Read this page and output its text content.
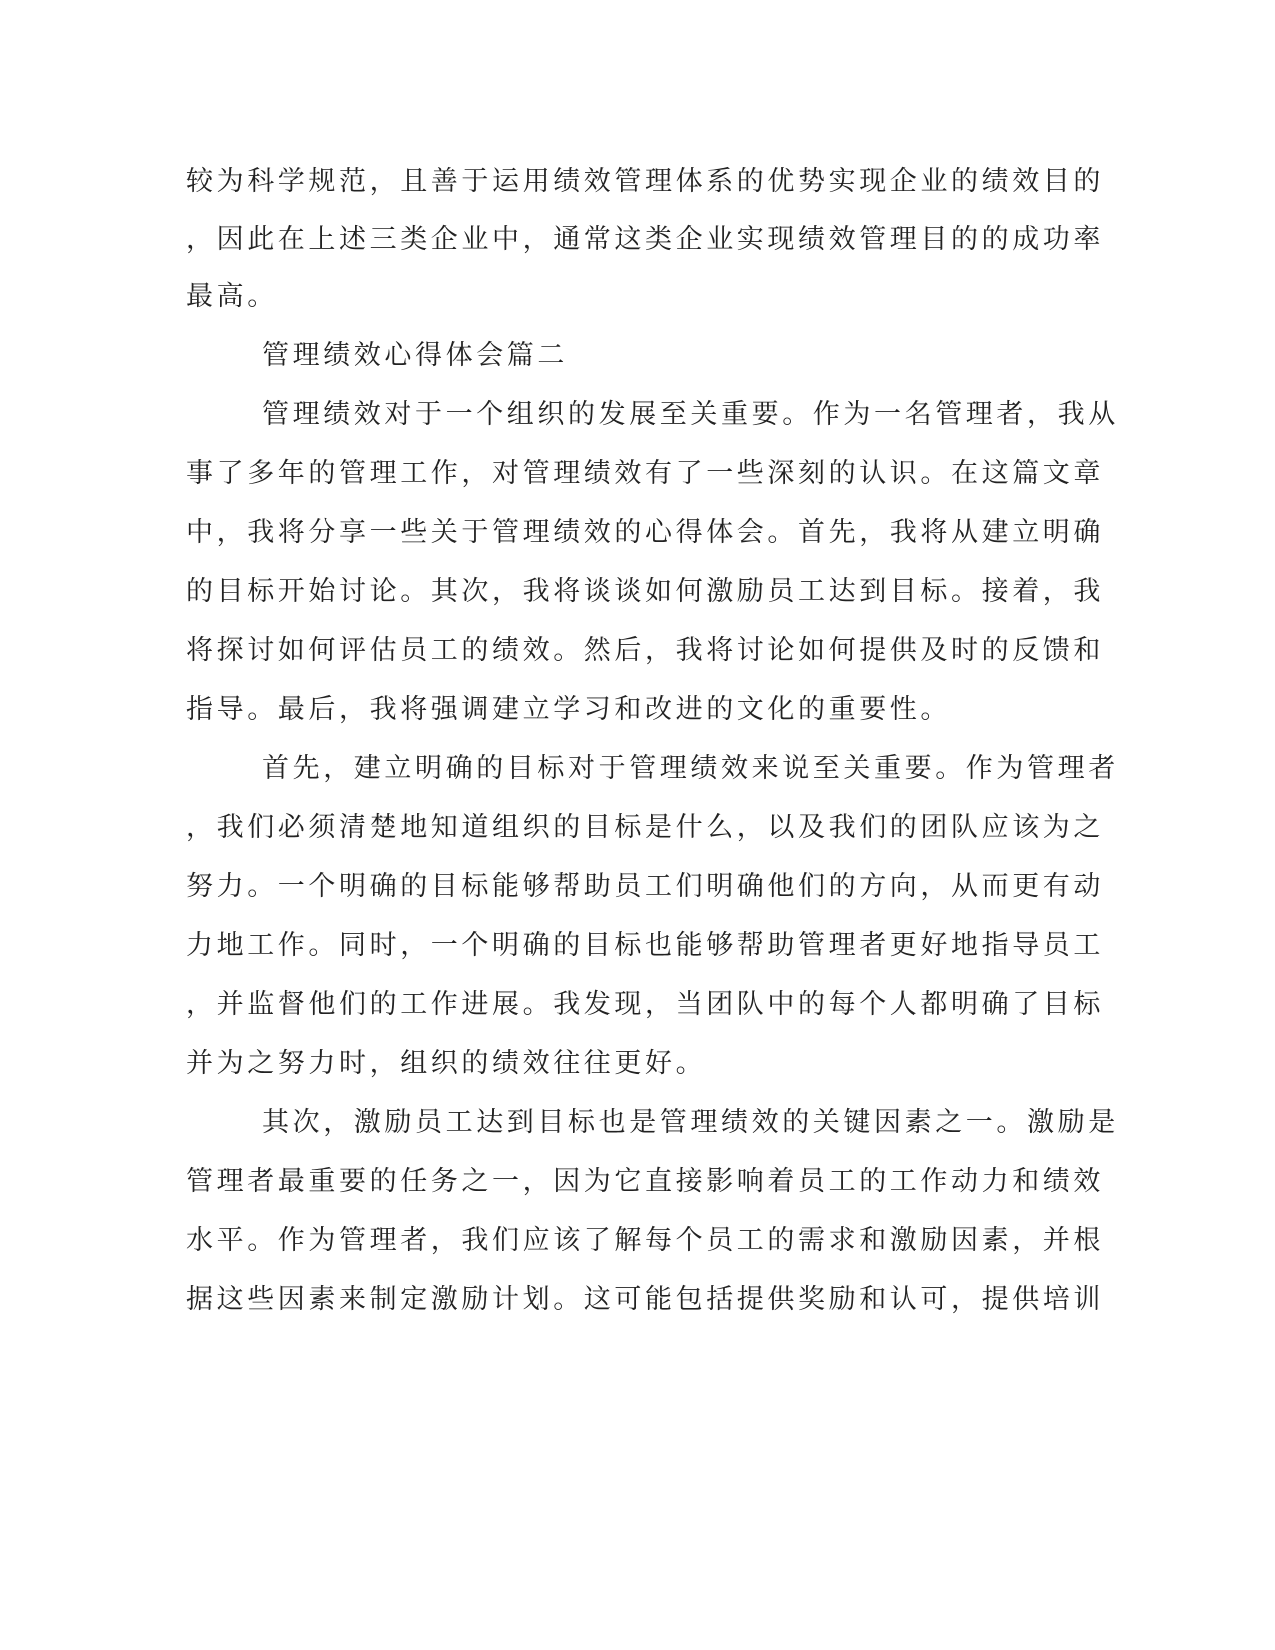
较为科学规范，且善于运用绩效管理体系的优势实现企业的绩效目的
，因此在上述三类企业中，通常这类企业实现绩效管理目的的成功率
最高。
管理绩效心得体会篇二
管理绩效对于一个组织的发展至关重要。作为一名管理者，我从
事了多年的管理工作，对管理绩效有了一些深刻的认识。在这篇文章
中，我将分享一些关于管理绩效的心得体会。首先，我将从建立明确
的目标开始讨论。其次，我将谈谈如何激励员工达到目标。接着，我
将探讨如何评估员工的绩效。然后，我将讨论如何提供及时的反馈和
指导。最后，我将强调建立学习和改进的文化的重要性。
首先，建立明确的目标对于管理绩效来说至关重要。作为管理者
，我们必须清楚地知道组织的目标是什么，以及我们的团队应该为之
努力。一个明确的目标能够帮助员工们明确他们的方向，从而更有动
力地工作。同时，一个明确的目标也能够帮助管理者更好地指导员工
，并监督他们的工作进展。我发现，当团队中的每个人都明确了目标
并为之努力时，组织的绩效往往更好。
其次，激励员工达到目标也是管理绩效的关键因素之一。激励是
管理者最重要的任务之一，因为它直接影响着员工的工作动力和绩效
水平。作为管理者，我们应该了解每个员工的需求和激励因素，并根
据这些因素来制定激励计划。这可能包括提供奖励和认可，提供培训
